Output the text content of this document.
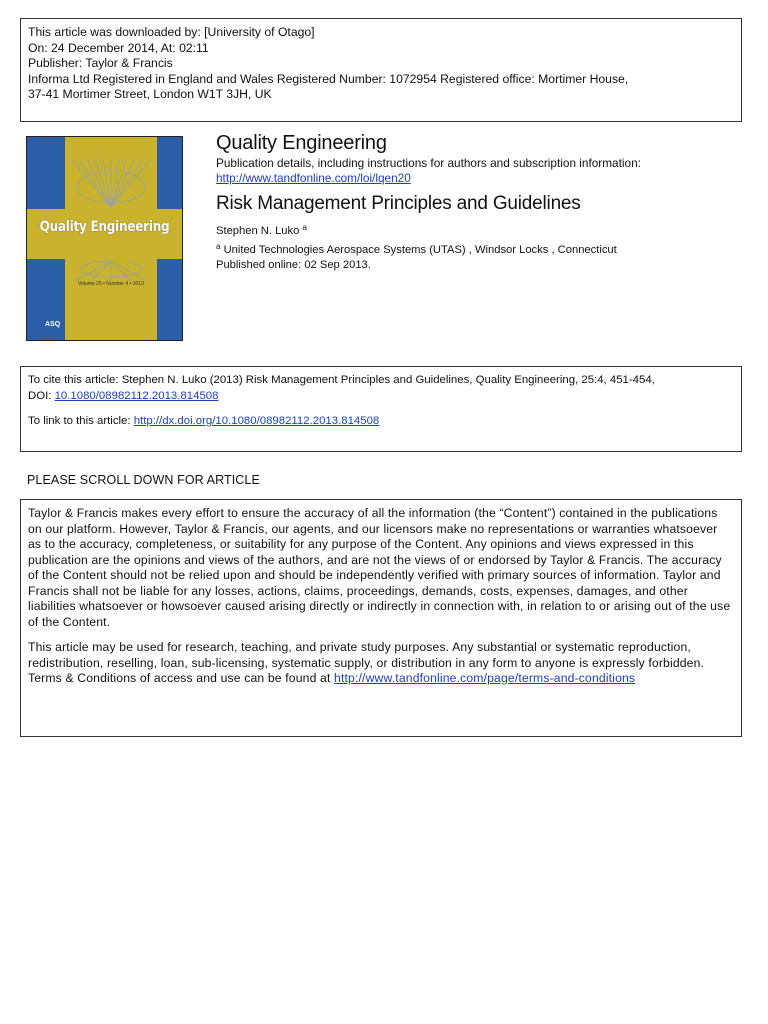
This article was downloaded by: [University of Otago]

On: 24 December 2014, At: 02:11

Publisher: Taylor & Francis

Informa Ltd Registered in England and Wales Registered Number: 1072954 Registered office: Mortimer House,

37-41 Mortimer Street, London W1T 3JH, UK

Quality Engineering
Volume 25 • Number 4 • 2013
ASQ
Quality Engineering

Publication details, including instructions for authors and subscription information:

http://www.tandfonline.com/loi/lqen20

Risk Management Principles and Guidelines

Stephen N. Luko $^a$

$^a$ United Technologies Aerospace Systems (UTAS) , Windsor Locks , Connecticut

Published online: 02 Sep 2013.

To cite this article: Stephen N. Luko (2013) Risk Management Principles and Guidelines, Quality Engineering, 25:4, 451-454,

DOI: 10.1080/08982112.2013.814508

To link to this article: http://dx.doi.org/10.1080/08982112.2013.814508

PLEASE SCROLL DOWN FOR ARTICLE

Taylor & Francis makes every effort to ensure the accuracy of all the information (the “Content”) contained in the publications on our platform. However, Taylor & Francis, our agents, and our licensors make no representations or warranties whatsoever as to the accuracy, completeness, or suitability for any purpose of the Content. Any opinions and views expressed in this publication are the opinions and views of the authors, and are not the views of or endorsed by Taylor & Francis. The accuracy of the Content should not be relied upon and should be independently verified with primary sources of information. Taylor and Francis shall not be liable for any losses, actions, claims, proceedings, demands, costs, expenses, damages, and other liabilities whatsoever or howsoever caused arising directly or indirectly in connection with, in relation to or arising out of the use of the Content.

This article may be used for research, teaching, and private study purposes. Any substantial or systematic reproduction, redistribution, reselling, loan, sub-licensing, systematic supply, or distribution in any form to anyone is expressly forbidden. Terms & Conditions of access and use can be found at http://www.tandfonline.com/page/terms-and-conditions
